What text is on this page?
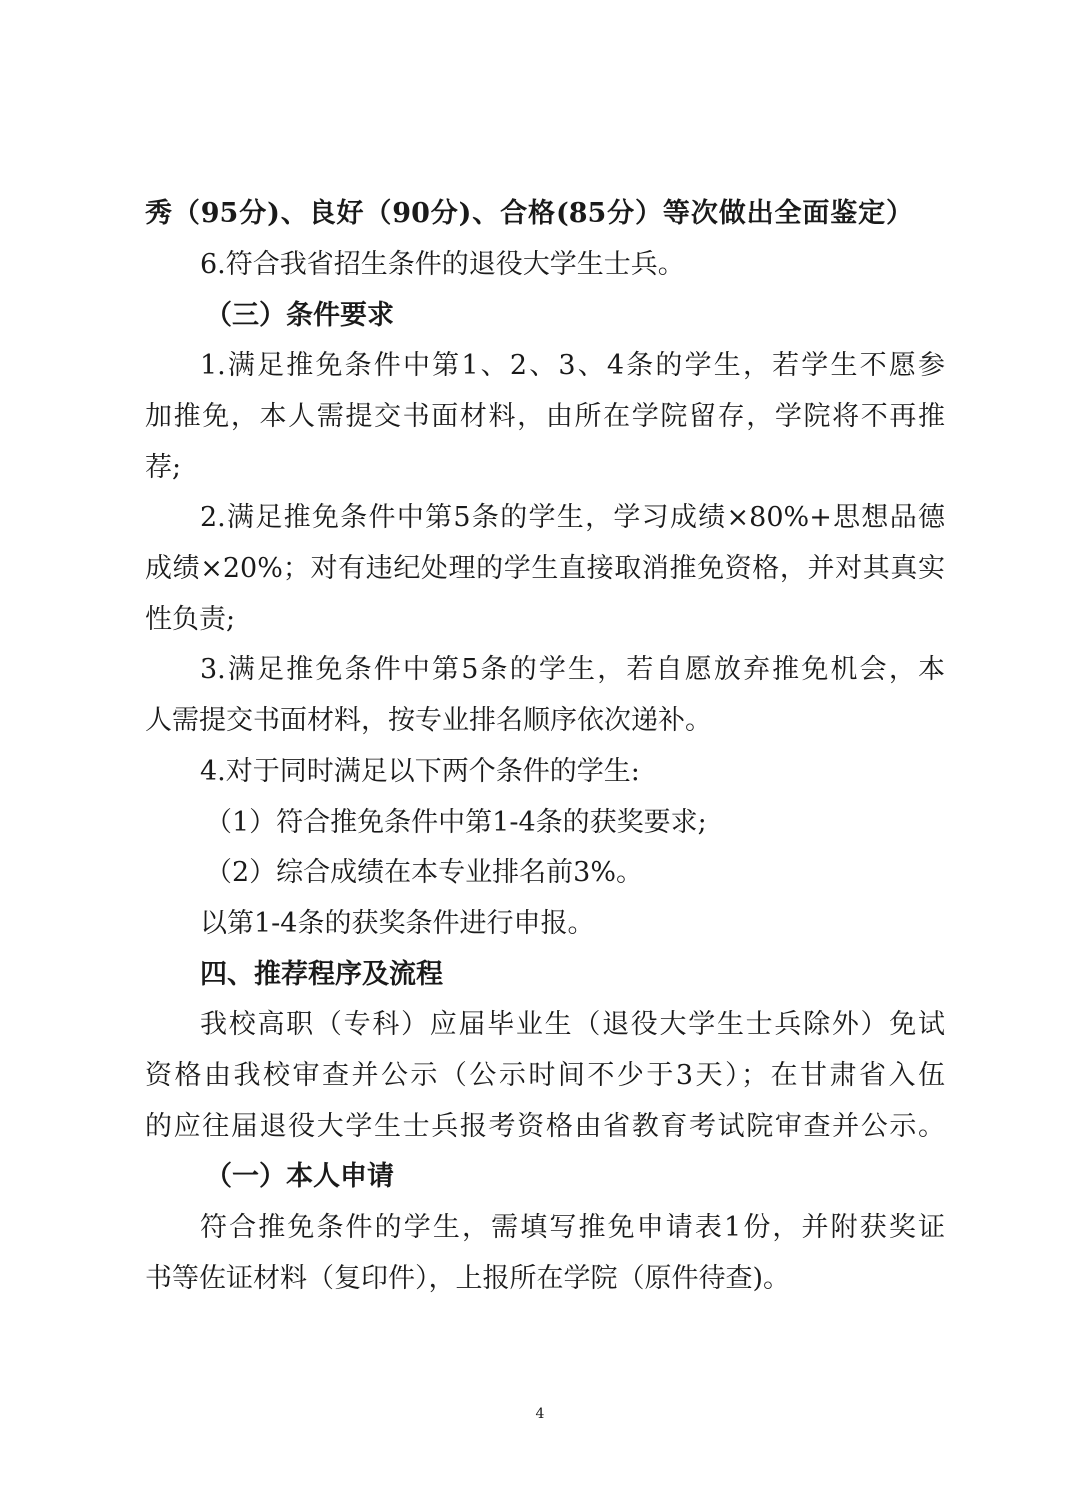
秀（95分)、良好（90分)、合格(85分）等次做出全面鉴定）
6.符合我省招生条件的退役大学生士兵。
（三）条件要求
1.满足推免条件中第1、2、3、4条的学生，若学生不愿参
加推免，本人需提交书面材料，由所在学院留存，学院将不再推
荐;
2.满足推免条件中第5条的学生，学习成绩×80%+思想品德
成绩×20%；对有违纪处理的学生直接取消推免资格，并对其真实
性负责;
3.满足推免条件中第5条的学生，若自愿放弃推免机会，本
人需提交书面材料，按专业排名顺序依次递补。
4.对于同时满足以下两个条件的学生:
（1）符合推免条件中第1-4条的获奖要求;
（2）综合成绩在本专业排名前3%。
以第1-4条的获奖条件进行申报。
四、推荐程序及流程
我校高职（专科）应届毕业生（退役大学生士兵除外）免试
资格由我校审查并公示（公示时间不少于3天）；在甘肃省入伍
的应往届退役大学生士兵报考资格由省教育考试院审查并公示。
（一）本人申请
符合推免条件的学生，需填写推免申请表1份，并附获奖证
书等佐证材料（复印件），上报所在学院（原件待查)。
4
